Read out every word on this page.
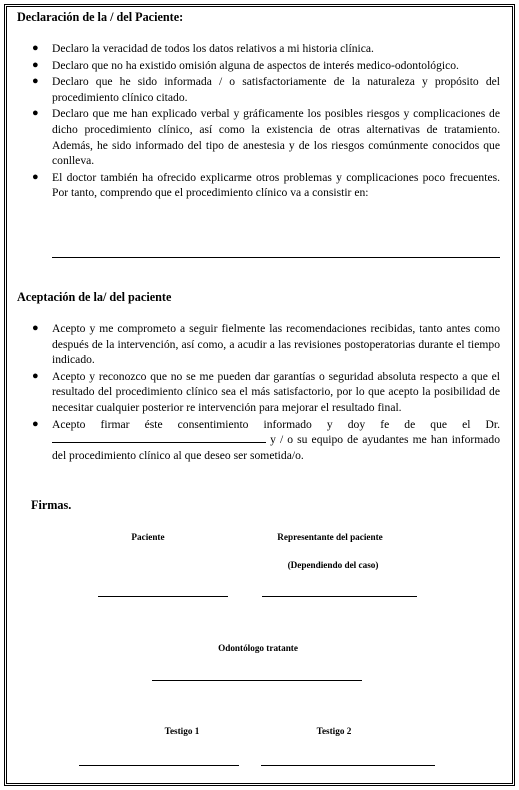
Declaración de la / del Paciente:
● Declaro la veracidad de todos los datos relativos a mi historia clínica.
● Declaro que no ha existido omisión alguna de aspectos de interés medico-odontológico.
● Declaro que he sido informada / o satisfactoriamente de la naturaleza y propósito del procedimiento clínico citado.
● Declaro que me han explicado verbal y gráficamente los posibles riesgos y complicaciones de dicho procedimiento clínico, así como la existencia de otras alternativas de tratamiento. Además, he sido informado del tipo de anestesia y de los riesgos comúnmente conocidos que conlleva.
● El doctor también ha ofrecido explicarme otros problemas y complicaciones poco frecuentes. Por tanto, comprendo que el procedimiento clínico va a consistir en:
Aceptación de la/ del paciente
● Acepto y me comprometo a seguir fielmente las recomendaciones recibidas, tanto antes como después de la intervención, así como, a acudir a las revisiones postoperatorias durante el tiempo indicado.
● Acepto y reconozco que no se me pueden dar garantías o seguridad absoluta respecto a que el resultado del procedimiento clínico sea el más satisfactorio, por lo que acepto la posibilidad de necesitar cualquier posterior re intervención para mejorar el resultado final.
● Acepto firmar éste consentimiento informado y doy fe de que el Dr.  y / o su equipo de ayudantes me han informado del procedimiento clínico al que deseo ser sometida/o.
Firmas.
Paciente	Representante del paciente
(Dependiendo del caso)
Odontólogo tratante
Testigo 1	Testigo 2
